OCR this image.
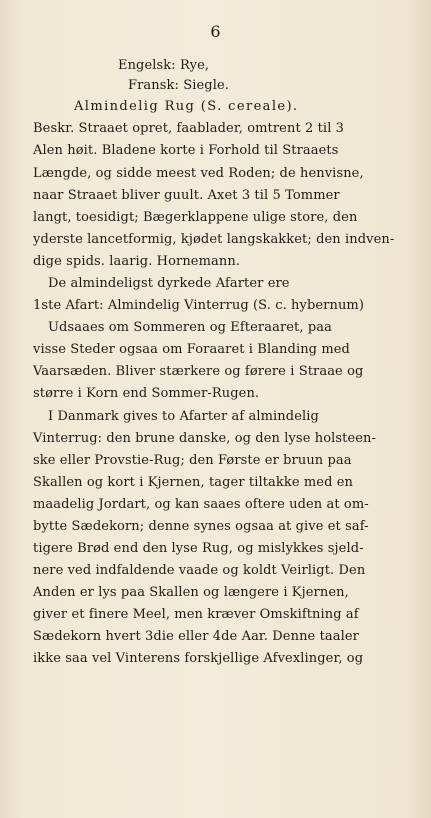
6
Engelsk: Rye,
Fransk: Siegle.
Almindelig Rug (S. cereale).
Beskr. Straaet opret, faablader, omtrent 2 til 3
Alen høit. Bladene korte i Forhold til Straaets
Længde, og sidde meest ved Roden; de henvisne,
naar Straaet bliver guult. Axet 3 til 5 Tommer
langt, toesidigt; Bægerklappene ulige store, den
yderste lancetformig, kjødet langskakket; den indven-
dige spids. laarig. Hornemann.
De almindeligst dyrkede Afarter ere
1ste Afart: Almindelig Vinterrug (S. c. hybernum)
Udsaaes om Sommeren og Efteraaret, paa
visse Steder ogsaa om Foraaret i Blanding med
Vaarsæden. Bliver stærkere og førere i Straae og
større i Korn end Sommer-Rugen.
I Danmark gives to Afarter af almindelig
Vinterrug: den brune danske, og den lyse holsteen-
ske eller Provstie-Rug; den Første er bruun paa
Skallen og kort i Kjernen, tager tiltakke med en
maadelig Jordart, og kan saaes oftere uden at om-
bytte Sædekorn; denne synes ogsaa at give et saf-
tigere Brød end den lyse Rug, og mislykkes sjeld-
nere ved indfaldende vaade og koldt Veirligt. Den
Anden er lys paa Skallen og længere i Kjernen,
giver et finere Meel, men kræver Omskiftning af
Sædekorn hvert 3die eller 4de Aar. Denne taaler
ikke saa vel Vinterens forskjellige Afvexlinger, og
